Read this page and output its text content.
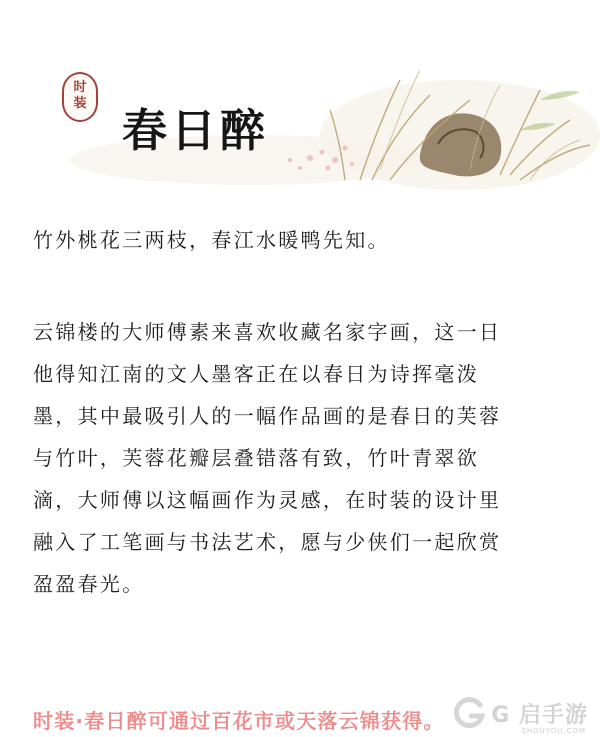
时
装
春日醉
竹外桃花三两枝，春江水暖鸭先知。
云锦楼的大师傅素来喜欢收藏名家字画，这一日
他得知江南的文人墨客正在以春日为诗挥毫泼
墨，其中最吸引人的一幅作品画的是春日的芙蓉
与竹叶，芙蓉花瓣层叠错落有致，竹叶青翠欲
滴，大师傅以这幅画作为灵感，在时装的设计里
融入了工笔画与书法艺术，愿与少侠们一起欣赏
盈盈春光。
时装·春日醉可通过百花市或天落云锦获得。 G 启手游
SHOUYOU.COM
